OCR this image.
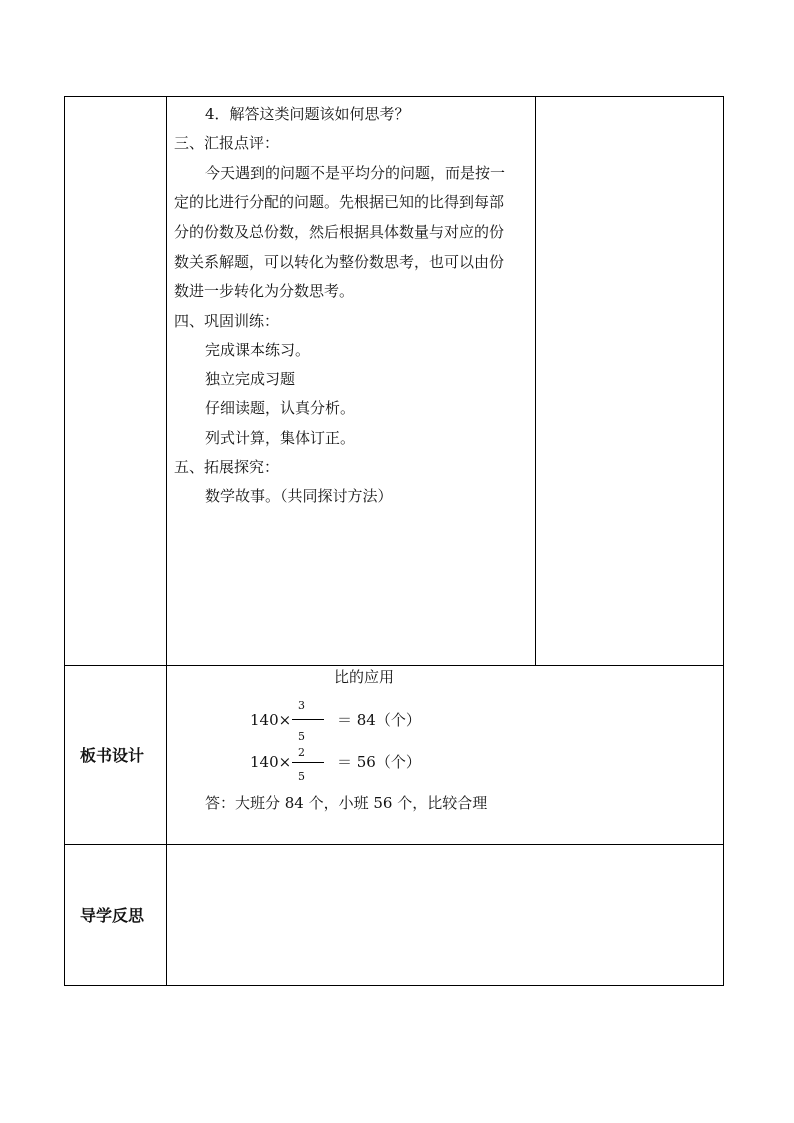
4．解答这类问题该如何思考？
三、汇报点评：
今天遇到的问题不是平均分的问题，而是按一
定的比进行分配的问题。先根据已知的比得到每部
分的份数及总份数，然后根据具体数量与对应的份
数关系解题，可以转化为整份数思考，也可以由份
数进一步转化为分数思考。
四、巩固训练：
完成课本练习。
独立完成习题
仔细读题，认真分析。
列式计算，集体订正。
五、拓展探究：
数学故事。（共同探讨方法）
板书设计
比的应用
140×
3
5
＝ 84（个）
140×
2
5
＝ 56（个）
答：大班分 84 个，小班 56 个，比较合理
导学反思
